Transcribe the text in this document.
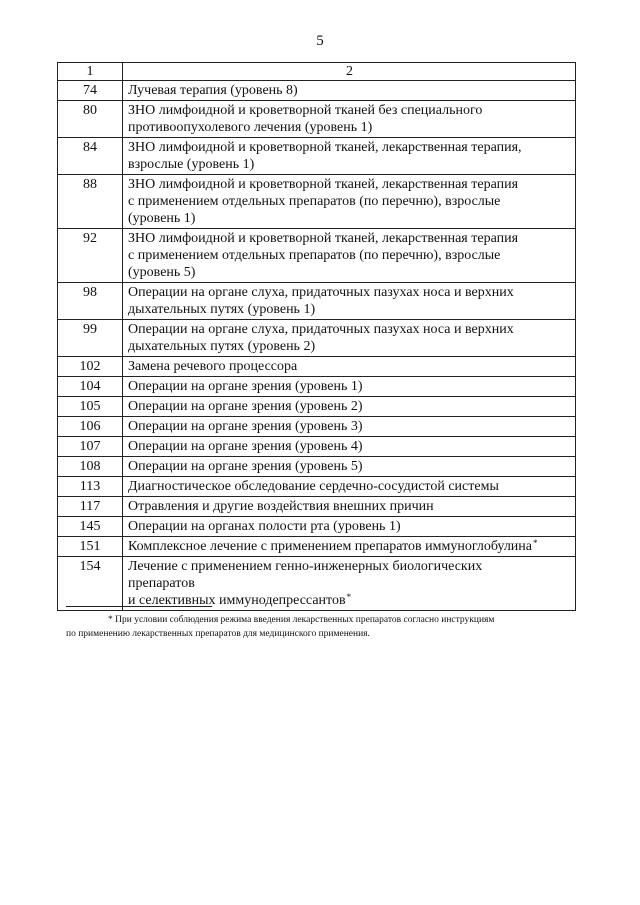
5
1	2
74	Лучевая терапия (уровень 8)
80	ЗНО лимфоидной и кроветворной тканей без специального
противоопухолевого лечения (уровень 1)
84	ЗНО лимфоидной и кроветворной тканей, лекарственная терапия,
взрослые (уровень 1)
88	ЗНО лимфоидной и кроветворной тканей, лекарственная терапия
с применением отдельных препаратов (по перечню), взрослые
(уровень 1)
92	ЗНО лимфоидной и кроветворной тканей, лекарственная терапия
с применением отдельных препаратов (по перечню), взрослые
(уровень 5)
98	Операции на органе слуха, придаточных пазухах носа и верхних
дыхательных путях (уровень 1)
99	Операции на органе слуха, придаточных пазухах носа и верхних
дыхательных путях (уровень 2)
102	Замена речевого процессора
104	Операции на органе зрения (уровень 1)
105	Операции на органе зрения (уровень 2)
106	Операции на органе зрения (уровень 3)
107	Операции на органе зрения (уровень 4)
108	Операции на органе зрения (уровень 5)
113	Диагностическое обследование сердечно-сосудистой системы
117	Отравления и другие воздействия внешних причин
145	Операции на органах полости рта (уровень 1)
151	Комплексное лечение с применением препаратов иммуноглобулина*
154	Лечение с применением генно-инженерных биологических
препаратов
и селективных иммунодепрессантов*
* При условии соблюдения режима введения лекарственных препаратов согласно инструкциям
по применению лекарственных препаратов для медицинского применения.
